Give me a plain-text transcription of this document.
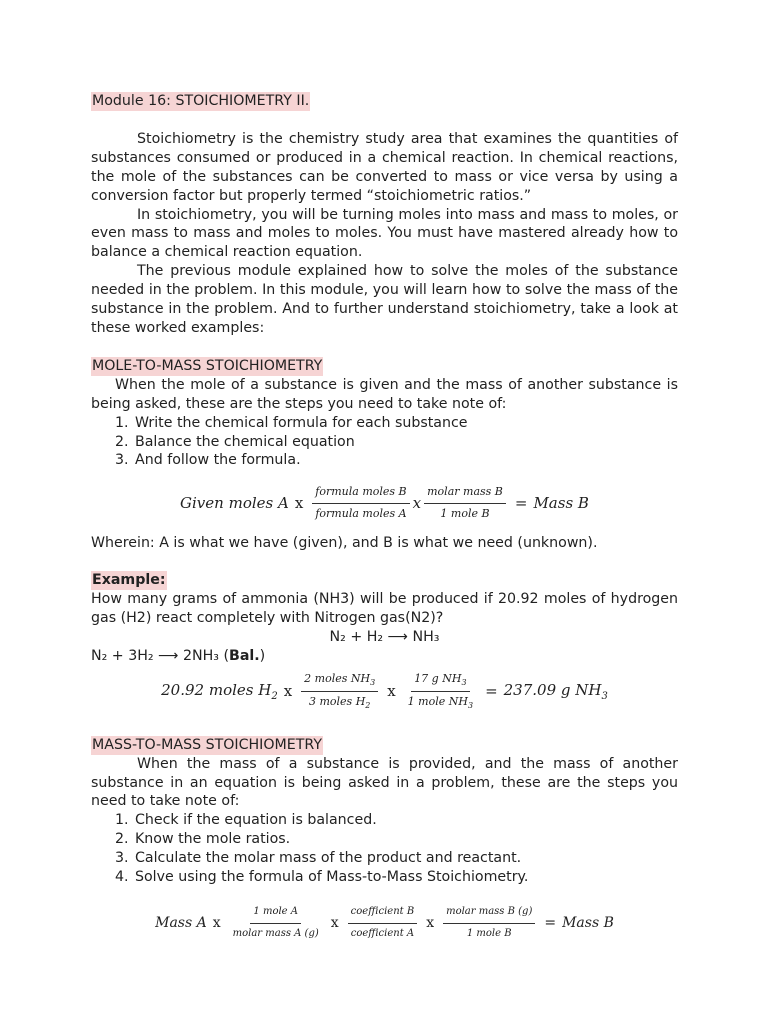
Module 16: STOICHIOMETRY II.

Stoichiometry is the chemistry study area that examines the quantities of substances consumed or produced in a chemical reaction. In chemical reactions, the mole of the substances can be converted to mass or vice versa by using a conversion factor but properly termed “stoichiometric ratios.”

In stoichiometry, you will be turning moles into mass and mass to moles, or even mass to mass and moles to moles. You must have mastered already how to balance a chemical reaction equation.

The previous module explained how to solve the moles of the substance needed in the problem. In this module, you will learn how to solve the mass of the substance in the problem. And to further understand stoichiometry, take a look at these worked examples:

MOLE-TO-MASS STOICHIOMETRY

When the mole of a substance is given and the mass of another substance is being asked, these are the steps you need to take note of:

1. Write the chemical formula for each substance
2. Balance the chemical equation
3. And follow the formula.
Given moles A x $\frac{\text{formula moles B}}{\text{formula moles A}}$ x $\frac{\text{molar mass B}}{\text{1 mole B}}$ = Mass B

Wherein: A is what we have (given), and B is what we need (unknown).

Example:

How many grams of ammonia (NH3) will be produced if 20.92 moles of hydrogen gas (H2) react completely with Nitrogen gas(N2)?

N₂ + H₂ ⟶ NH₃
N₂ + 3H₂ ⟶ 2NH₃ (Bal.)
20.92 moles $H_2$ x $\frac{2 moles NH_3}{3 moles H_2}$ x $\frac{17 g NH_3}{1 mole NH_3} = 237.09$ g $NH_3$
MASS-TO-MASS STOICHIOMETRY

When the mass of a substance is provided, and the mass of another substance in an equation is being asked in a problem, these are the steps you need to take note of:

1. Check if the equation is balanced.
2. Know the mole ratios.
3. Calculate the molar mass of the product and reactant.
4. Solve using the formula of Mass-to-Mass Stoichiometry.
Mass A x $\frac{\text{1 mole A}}{\text{molar mass A (g)}}$ x $\frac{\text{coefficient B}}{\text{coefficient A}}$ x $\frac{\text{molar mass B (g)}}{\text{1 mole B}}$ = Mass B
